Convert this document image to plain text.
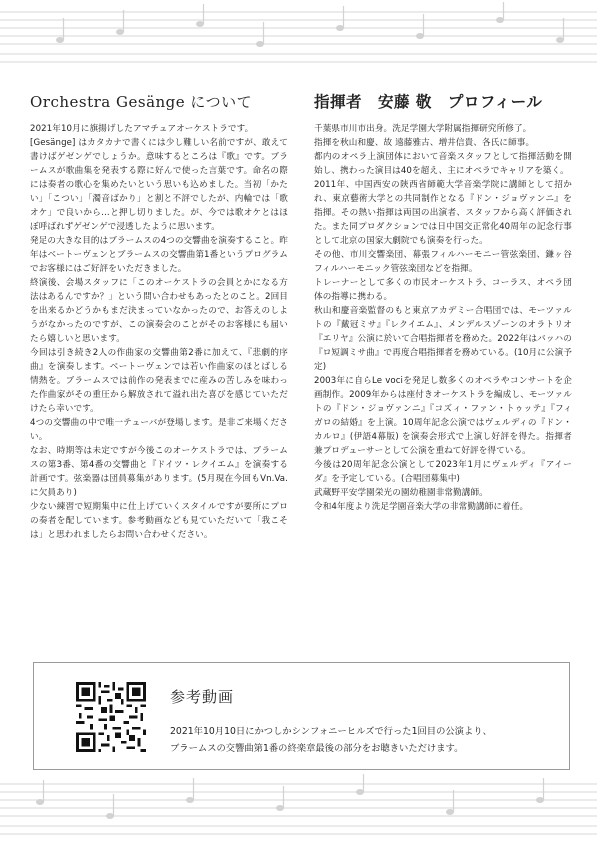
Orchestra Gesänge について

2021年10月に旗揚げしたアマチュアオーケストラです。

[Gesänge] はカタカナで書くには少し難しい名前ですが、敢えて書けばゲゼンゲでしょうか。意味するところは『歌』です。ブラームスが歌曲集を発表する際に好んで使った言葉です。命名の際には奏者の歌心を集めたいという思いも込めました。当初「かたい」「こつい」「濁音ばかり」と割と不評でしたが、内輪では「歌オケ」で良いから…と押し切りました。が、今では歌オケとはほぼ呼ばれずゲゼンゲで浸透したように思います。

発足の大きな目的はブラームスの4つの交響曲を演奏すること。昨年はベートーヴェンとブラームスの交響曲第1番というプログラムでお客様にはご好評をいただきました。

終演後、会場スタッフに「このオーケストラの会員とかになる方法はあるんですか？」という問い合わせもあったとのこと。2回目を出来るかどうかもまだ決まっていなかったので、お答えのしようがなかったのですが、この演奏会のことがそのお客様にも届いたら嬉しいと思います。

今回は引き続き2人の作曲家の交響曲第2番に加えて、『悲劇的序曲』を演奏します。ベートーヴェンでは若い作曲家のほとばしる情熱を。ブラームスでは前作の発表までに産みの苦しみを味わった作曲家がその重圧から解放されて溢れ出た喜びを感じていただけたら幸いです。

4つの交響曲の中で唯一テューバが登場します。是非ご来場ください。

なお、時期等は未定ですが今後このオーケストラでは、ブラームスの第3番、第4番の交響曲と『ドイツ・レクイエム』を演奏する計画です。弦楽器は団員募集があります。(5月現在今回もVn.Va.に欠員あり)

少ない練習で短期集中に仕上げていくスタイルですが要所にプロの奏者を配しています。参考動画なども見ていただいて「我こそは」と思われましたらお問い合わせください。

指揮者　安藤 敬　プロフィール

千葉県市川市出身。洗足学園大学附属指揮研究所修了。

指揮を秋山和慶、故 遠藤雅古、増井信貴、各氏に師事。

都内のオペラ上演団体において音楽スタッフとして指揮活動を開始し、携わった演目は40を超え、主にオペラでキャリアを築く。

2011年、中国西安の陝西省師範大学音楽学院に講師として招かれ、東京藝術大学との共同制作となる『ドン・ジョヴァンニ』を指揮。その熱い指揮は両国の出演者、スタッフから高く評価された。また同プロダクションでは日中国交正常化40周年の記念行事として北京の国家大劇院でも演奏を行った。

その他、市川交響楽団、幕張フィルハーモニー管弦楽団、鎌ヶ谷フィルハーモニック管弦楽団などを指揮。

トレーナーとして多くの市民オーケストラ、コーラス、オペラ団体の指導に携わる。

秋山和慶音楽監督のもと東京アカデミー合唱団では、モーツァルトの『戴冠ミサ』『レクイエム』、メンデルスゾーンのオラトリオ『エリヤ』公演に於いて合唱指揮者を務めた。2022年はバッハの『ロ短調ミサ曲』で再度合唱指揮者を務めている。(10月に公演予定)

2003年に自らLe vociを発足し数多くのオペラやコンサートを企画制作。2009年からは座付きオーケストラを編成し、モーツァルトの『ドン・ジョヴァンニ』『コズィ・ファン・トゥッテ』『フィガロの結婚』を上演。10周年記念公演ではヴェルディの『ドン・カルロ』(伊語4幕版) を演奏会形式で上演し好評を得た。指揮者兼プロデューサーとして公演を重ねて好評を得ている。

今後は20周年記念公演として2023年1月にヴェルディ『アイーダ』を予定している。(合唱団募集中)

武蔵野平安学園栄光の園幼稚園非常勤講師。

令和4年度より洗足学園音楽大学の非常勤講師に着任。

参考動画
2021年10月10日にかつしかシンフォニーヒルズで行った1回目の公演より、
ブラームスの交響曲第1番の終楽章最後の部分をお聴きいただけます。
